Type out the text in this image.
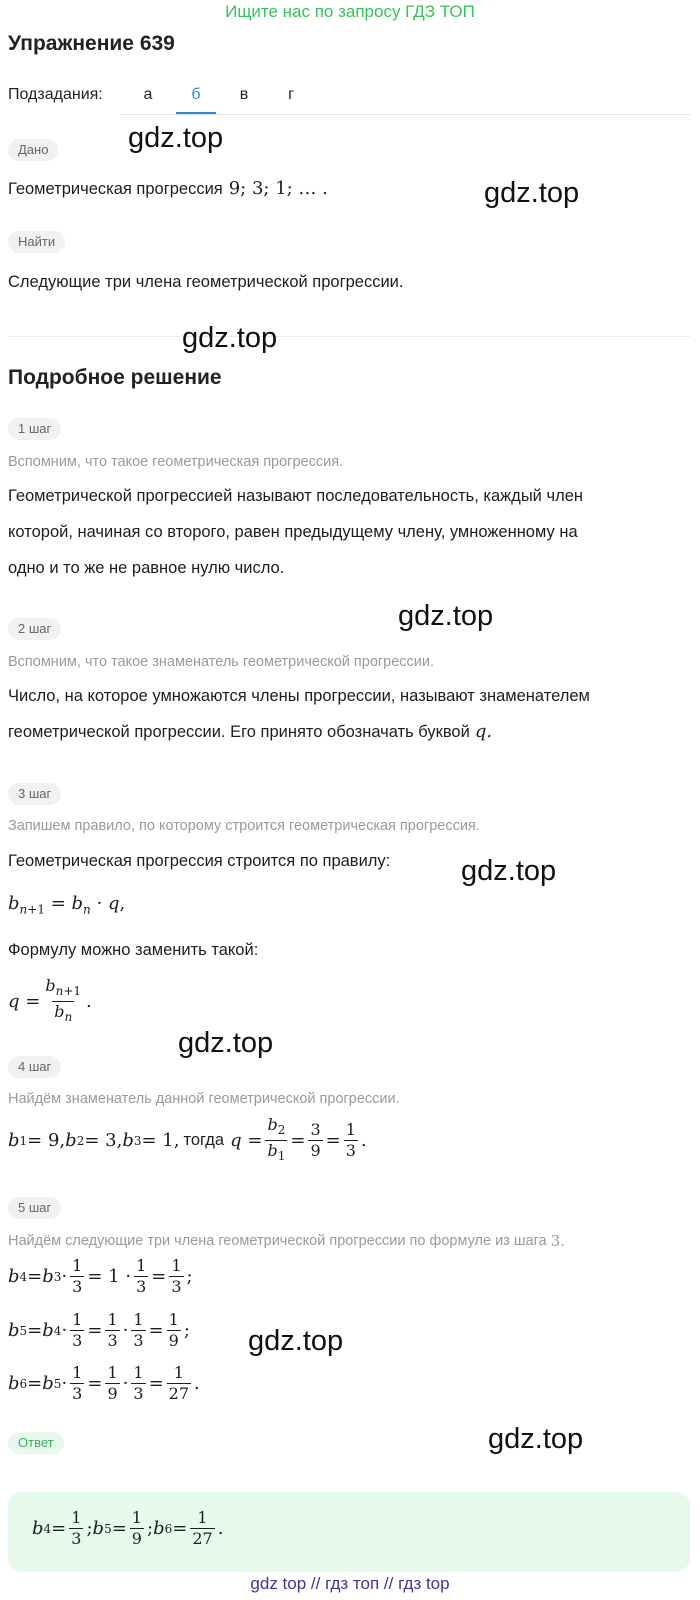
Ищите нас по запросу ГДЗ ТОП
Упражнение 639
Подзадания:	а	б	в	г
Дано
Геометрическая прогрессия 9; 3; 1; … .
Найти
Следующие три члена геометрической прогрессии.
Подробное решение
1 шаг
Вспомним, что такое геометрическая прогрессия.
Геометрической прогрессией называют последовательность, каждый член
которой, начиная со второго, равен предыдущему члену, умноженному на
одно и то же не равное нулю число.
2 шаг
Вспомним, что такое знаменатель геометрической прогрессии.
Число, на которое умножаются члены прогрессии, называют знаменателем
геометрической прогрессии. Его принято обозначать буквой q.
3 шаг
Запишем правило, по которому строится геометрическая прогрессия.
Геометрическая прогрессия строится по правилу:
$b_{n+1} = b_n \cdot q$,
Формулу можно заменить такой:
$q = \frac{b_{n+1}}{b_n}$ .
4 шаг
Найдём знаменатель данной геометрической прогрессии.
b 1 = 9, b 2 = 3, b 3 = 1, тогда $q = \frac{b_2}{b_1} = \frac{3}{9} = \frac{1}{3}$ .
5 шаг
Найдём следующие три члена геометрической прогрессии по формуле из шага 3.
b 4 = b $3 \cdot \frac{1}{3} = 1 \cdot \frac{1}{3} = \frac{1}{3}$ ;
b 5 = b $4 \cdot \frac{1}{3} = \frac{1}{3} \cdot \frac{1}{3} = \frac{1}{9}$ ;
b 6 = b $5 \cdot \frac{1}{3} = \frac{1}{9} \cdot \frac{1}{3} = \frac{1}{27}$ .
Ответ
b $4 = \frac{1}{3}$ ; b $5 = \frac{1}{9}$ ; b $6 = \frac{1}{27}$ .
gdz.top
gdz.top
gdz.top
gdz.top
gdz.top
gdz.top
gdz.top
gdz.top
gdz top // гдз топ // гдз top
